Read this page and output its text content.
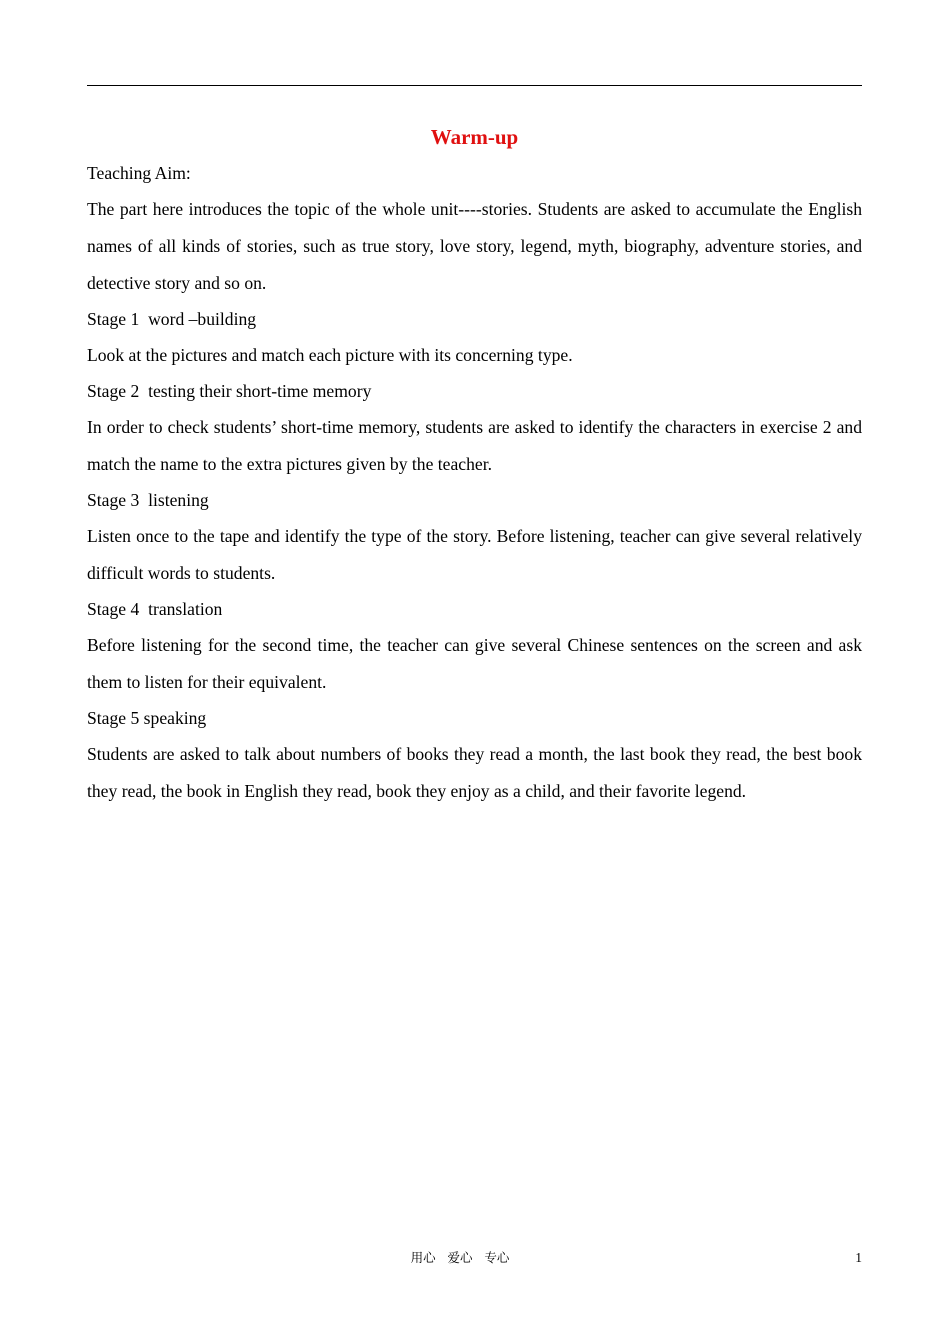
Warm-up

Teaching Aim:

The part here introduces the topic of the whole unit----stories. Students are asked to accumulate the English names of all kinds of stories, such as true story, love story, legend, myth, biography, adventure stories, and detective story and so on.

Stage 1  word –building

Look at the pictures and match each picture with its concerning type.

Stage 2  testing their short-time memory

In order to check students’ short-time memory, students are asked to identify the characters in exercise 2 and match the name to the extra pictures given by the teacher.

Stage 3  listening

Listen once to the tape and identify the type of the story. Before listening, teacher can give several relatively difficult words to students.

Stage 4  translation

Before listening for the second time, the teacher can give several Chinese sentences on the screen and ask them to listen for their equivalent.

Stage 5 speaking

Students are asked to talk about numbers of books they read a month, the last book they read, the best book they read, the book in English they read, book they enjoy as a child, and their favorite legend.

用心   爱心   专心	1
